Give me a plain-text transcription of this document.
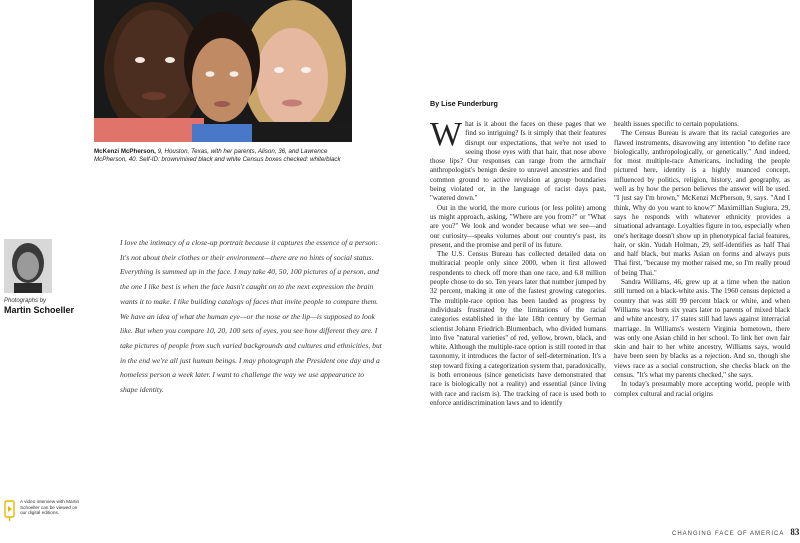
McKenzi McPherson, 9, Houston, Texas, with her parents, Alison, 36, and Lawrence McPherson, 40. Self-ID: brown/mixed black and white Census boxes checked: white/black
Photographs by
Martin Schoeller
I love the intimacy of a close-up portrait because it captures the essence of a person: It's not about their clothes or their environment—there are no hints of social status. Everything is summed up in the face. I may take 40, 50, 100 pictures of a person, and the one I like best is when the face hasn't caught on to the next expression the brain wants it to make. I like building catalogs of faces that invite people to compare them. We have an idea of what the human eye—or the nose or the lip—is supposed to look like. But when you compare 10, 20, 100 sets of eyes, you see how different they are. I take pictures of people from such varied backgrounds and cultures and ethnicities, but in the end we're all just human beings. I may photograph the President one day and a homeless person a week later. I want to challenge the way we use appearance to shape identity.
A video interview with Martin Schoeller can be viewed on our digital editions.
By Lise Funderburg

What is it about the faces on these pages that we find so intriguing? Is it simply that their features disrupt our expectations, that we're not used to seeing those eyes with that hair, that nose above those lips? Our responses can range from the armchair anthropologist's benign desire to unravel ancestries and find common ground to active revulsion at group boundaries being violated or, in the language of racist days past, "watered down."

Out in the world, the more curious (or less polite) among us might approach, asking, "Where are you from?" or "What are you?" We look and wonder because what we see—and our curiosity—speaks volumes about our country's past, its present, and the promise and peril of its future.

The U.S. Census Bureau has collected detailed data on multiracial people only since 2000, when it first allowed respondents to check off more than one race, and 6.8 million people chose to do so. Ten years later that number jumped by 32 percent, making it one of the fastest growing categories. The multiple-race option has been lauded as progress by individuals frustrated by the limitations of the racial categories established in the late 18th century by German scientist Johann Friedrich Blumenbach, who divided humans into five "natural varieties" of red, yellow, brown, black, and white. Although the multiple-race option is still rooted in that taxonomy, it introduces the factor of self-determination. It's a step toward fixing a categorization system that, paradoxically, is both erroneous (since geneticists have demonstrated that race is biologically not a reality) and essential (since living with race and racism is). The tracking of race is used both to enforce antidiscrimination laws and to identify

health issues specific to certain populations.

The Census Bureau is aware that its racial categories are flawed instruments, disavowing any intention "to define race biologically, anthropologically, or genetically." And indeed, for most multiple-race Americans, including the people pictured here, identity is a highly nuanced concept, influenced by politics, religion, history, and geography, as well as by how the person believes the answer will be used. "I just say I'm brown," McKenzi McPherson, 9, says. "And I think, Why do you want to know?" Maximillian Sugiura, 29, says he responds with whatever ethnicity provides a situational advantage. Loyalties figure in too, especially when one's heritage doesn't show up in phenotypical facial features, hair, or skin. Yudah Holman, 29, self-identifies as half Thai and half black, but marks Asian on forms and always puts Thai first, "because my mother raised me, so I'm really proud of being Thai."

Sandra Williams, 46, grew up at a time when the nation still turned on a black-white axis. The 1960 census depicted a country that was still 99 percent black or white, and when Williams was born six years later to parents of mixed black and white ancestry, 17 states still had laws against interracial marriage. In Williams's western Virginia hometown, there was only one Asian child in her school. To link her own fair skin and hair to her white ancestry, Williams says, would have been seen by blacks as a rejection. And so, though she views race as a social construction, she checks black on the census. "It's what my parents checked," she says.

In today's presumably more accepting world, people with complex cultural and racial origins

CHANGING FACE OF AMERICA 83
